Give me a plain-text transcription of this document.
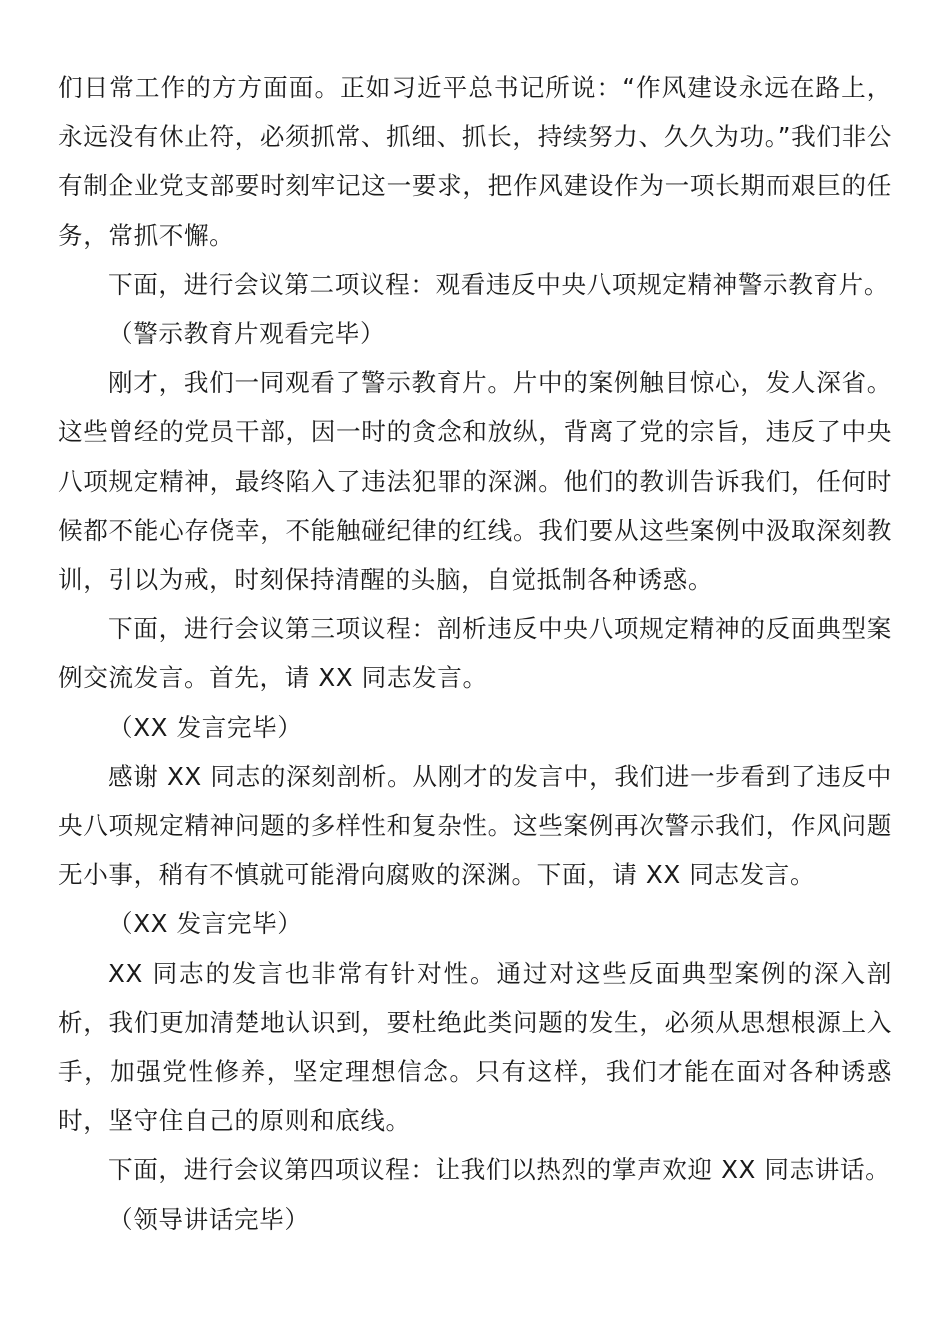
们日常工作的方方面面。正如习近平总书记所说：“作风建设永远在路上，永远没有休止符，必须抓常、抓细、抓长，持续努力、久久为功。”我们非公有制企业党支部要时刻牢记这一要求，把作风建设作为一项长期而艰巨的任务，常抓不懈。

下面，进行会议第二项议程：观看违反中央八项规定精神警示教育片。

（警示教育片观看完毕）

刚才，我们一同观看了警示教育片。片中的案例触目惊心，发人深省。这些曾经的党员干部，因一时的贪念和放纵，背离了党的宗旨，违反了中央八项规定精神，最终陷入了违法犯罪的深渊。他们的教训告诉我们，任何时候都不能心存侥幸，不能触碰纪律的红线。我们要从这些案例中汲取深刻教训，引以为戒，时刻保持清醒的头脑，自觉抵制各种诱惑。

下面，进行会议第三项议程：剖析违反中央八项规定精神的反面典型案例交流发言。首先，请 XX 同志发言。

（XX 发言完毕）

感谢 XX 同志的深刻剖析。从刚才的发言中，我们进一步看到了违反中央八项规定精神问题的多样性和复杂性。这些案例再次警示我们，作风问题无小事，稍有不慎就可能滑向腐败的深渊。下面，请 XX 同志发言。

（XX 发言完毕）

XX 同志的发言也非常有针对性。通过对这些反面典型案例的深入剖析，我们更加清楚地认识到，要杜绝此类问题的发生，必须从思想根源上入手，加强党性修养，坚定理想信念。只有这样，我们才能在面对各种诱惑时，坚守住自己的原则和底线。

下面，进行会议第四项议程：让我们以热烈的掌声欢迎 XX 同志讲话。

（领导讲话完毕）
